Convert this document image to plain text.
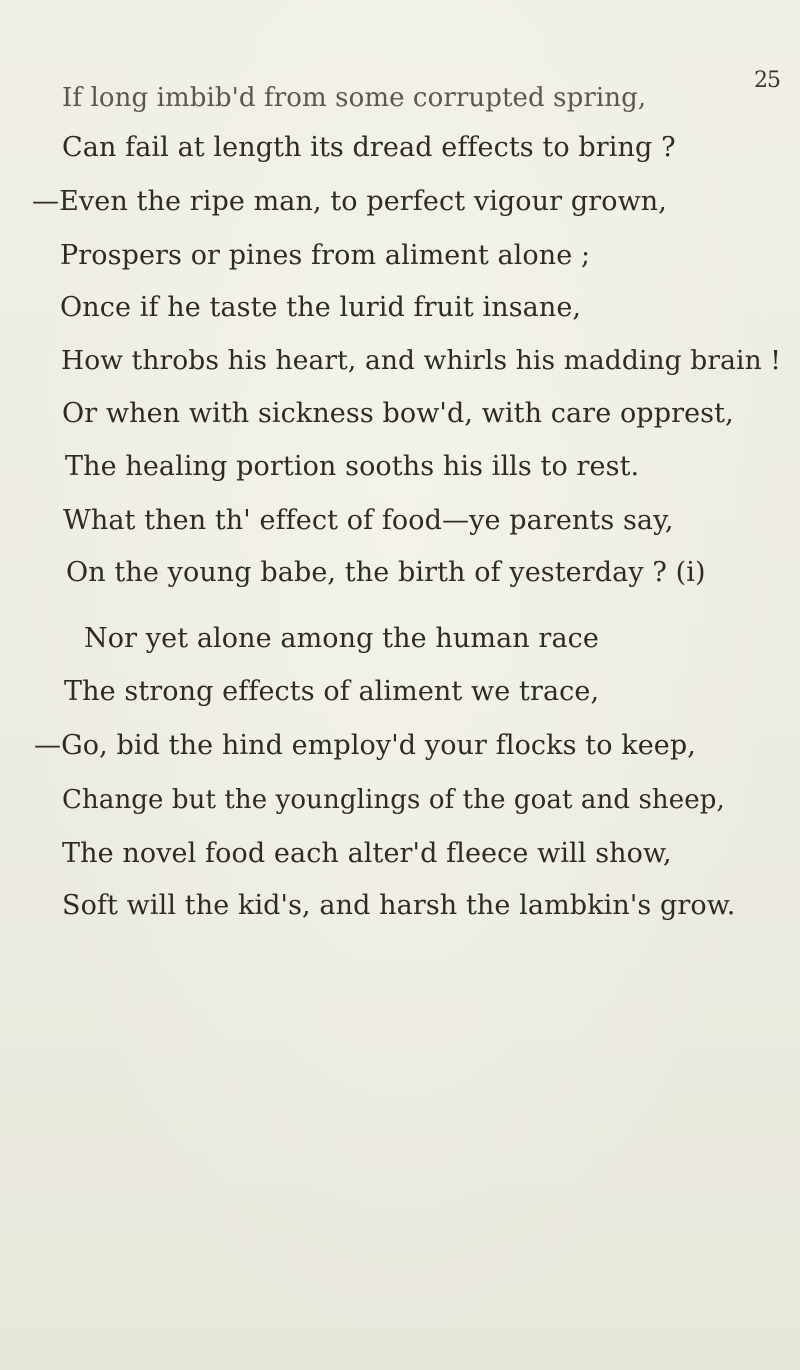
25
If long imbib'd from some corrupted spring,
Can fail at length its dread effects to bring ?
—Even the ripe man, to perfect vigour grown,
Prospers or pines from aliment alone ;
Once if he taste the lurid fruit insane,
How throbs his heart, and whirls his madding brain !
Or when with sickness bow'd, with care opprest,
The healing portion sooths his ills to rest.
What then th' effect of food—ye parents say,
On the young babe, the birth of yesterday ? (i)
Nor yet alone among the human race
The strong effects of aliment we trace,
—Go, bid the hind employ'd your flocks to keep,
Change but the younglings of the goat and sheep,
The novel food each alter'd fleece will show,
Soft will the kid's, and harsh the lambkin's grow.
